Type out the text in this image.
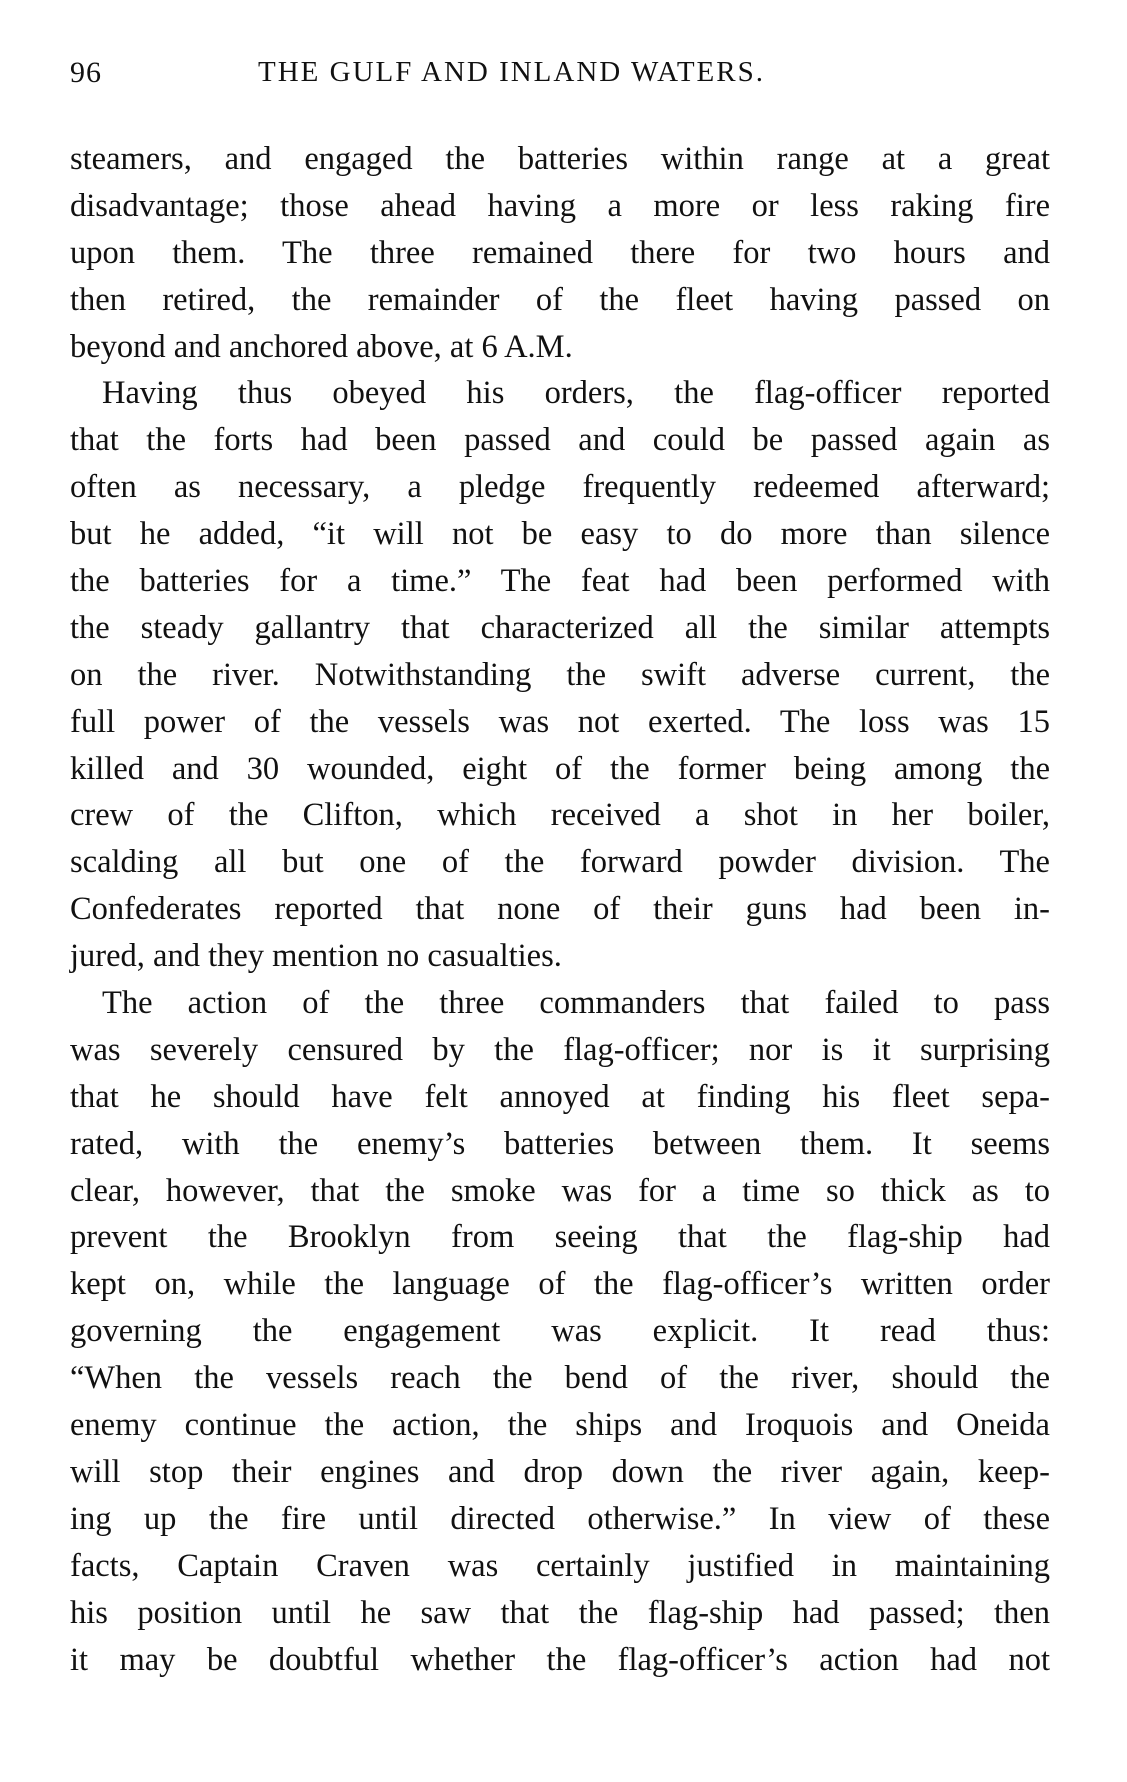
96	THE GULF AND INLAND WATERS.
steamers, and engaged the batteries within range at a great
disadvantage; those ahead having a more or less raking fire
upon them. The three remained there for two hours and
then retired, the remainder of the fleet having passed on
beyond and anchored above, at 6 A.M.
Having thus obeyed his orders, the flag-officer reported
that the forts had been passed and could be passed again as
often as necessary, a pledge frequently redeemed afterward;
but he added, “it will not be easy to do more than silence
the batteries for a time.” The feat had been performed with
the steady gallantry that characterized all the similar attempts
on the river. Notwithstanding the swift adverse current, the
full power of the vessels was not exerted. The loss was 15
killed and 30 wounded, eight of the former being among the
crew of the Clifton, which received a shot in her boiler,
scalding all but one of the forward powder division. The
Confederates reported that none of their guns had been in-
jured, and they mention no casualties.
The action of the three commanders that failed to pass
was severely censured by the flag-officer; nor is it surprising
that he should have felt annoyed at finding his fleet sepa-
rated, with the enemy’s batteries between them. It seems
clear, however, that the smoke was for a time so thick as to
prevent the Brooklyn from seeing that the flag-ship had
kept on, while the language of the flag-officer’s written order
governing the engagement was explicit. It read thus:
“When the vessels reach the bend of the river, should the
enemy continue the action, the ships and Iroquois and Oneida
will stop their engines and drop down the river again, keep-
ing up the fire until directed otherwise.” In view of these
facts, Captain Craven was certainly justified in maintaining
his position until he saw that the flag-ship had passed; then
it may be doubtful whether the flag-officer’s action had not
